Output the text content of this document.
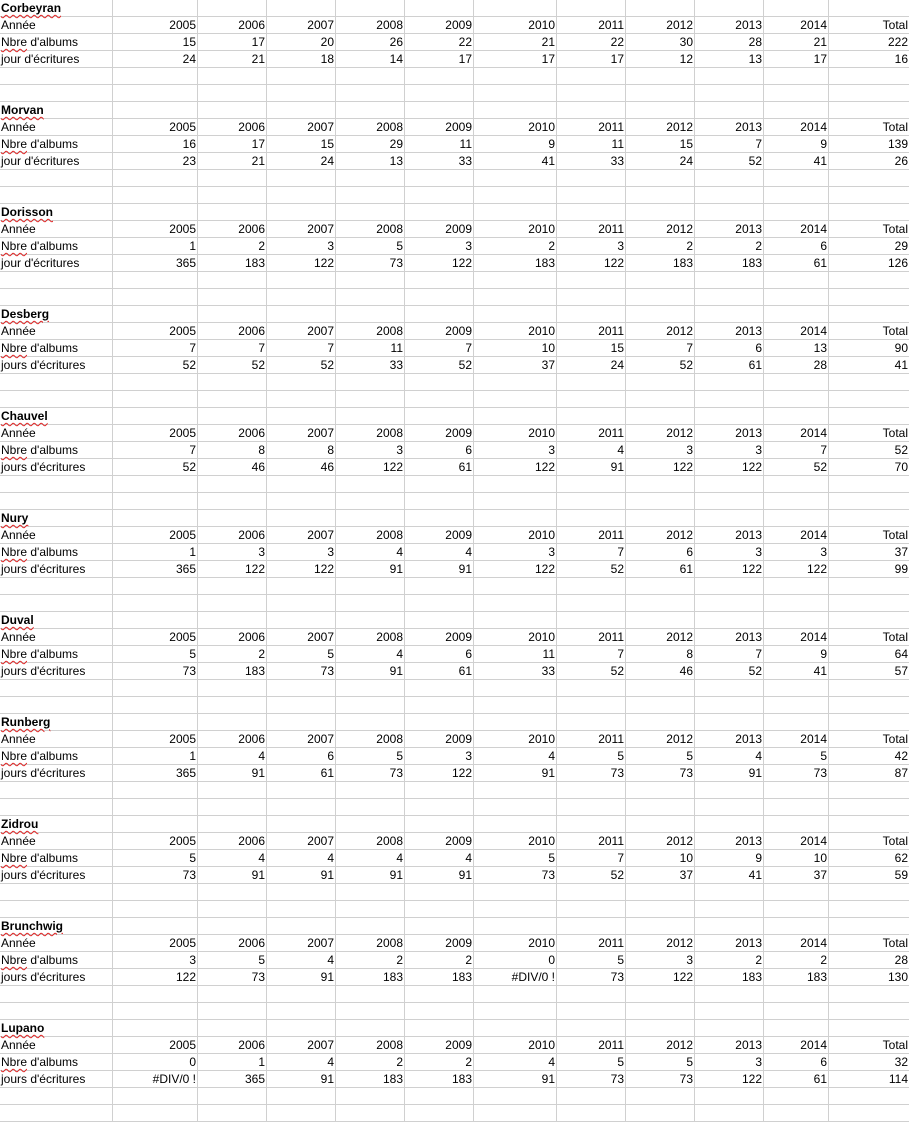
Corbeyran
Année	2005	2006	2007	2008	2009	2010	2011	2012	2013	2014	Total
Nbre d'albums	15	17	20	26	22	21	22	30	28	21	222
jour d'écritures	24	21	18	14	17	17	17	12	13	17	16
Morvan
Année	2005	2006	2007	2008	2009	2010	2011	2012	2013	2014	Total
Nbre d'albums	16	17	15	29	11	9	11	15	7	9	139
jour d'écritures	23	21	24	13	33	41	33	24	52	41	26
Dorisson
Année	2005	2006	2007	2008	2009	2010	2011	2012	2013	2014	Total
Nbre d'albums	1	2	3	5	3	2	3	2	2	6	29
jour d'écritures	365	183	122	73	122	183	122	183	183	61	126
Desberg
Année	2005	2006	2007	2008	2009	2010	2011	2012	2013	2014	Total
Nbre d'albums	7	7	7	11	7	10	15	7	6	13	90
jours d'écritures	52	52	52	33	52	37	24	52	61	28	41
Chauvel
Année	2005	2006	2007	2008	2009	2010	2011	2012	2013	2014	Total
Nbre d'albums	7	8	8	3	6	3	4	3	3	7	52
jours d'écritures	52	46	46	122	61	122	91	122	122	52	70
Nury
Année	2005	2006	2007	2008	2009	2010	2011	2012	2013	2014	Total
Nbre d'albums	1	3	3	4	4	3	7	6	3	3	37
jours d'écritures	365	122	122	91	91	122	52	61	122	122	99
Duval
Année	2005	2006	2007	2008	2009	2010	2011	2012	2013	2014	Total
Nbre d'albums	5	2	5	4	6	11	7	8	7	9	64
jours d'écritures	73	183	73	91	61	33	52	46	52	41	57
Runberg
Année	2005	2006	2007	2008	2009	2010	2011	2012	2013	2014	Total
Nbre d'albums	1	4	6	5	3	4	5	5	4	5	42
jours d'écritures	365	91	61	73	122	91	73	73	91	73	87
Zidrou
Année	2005	2006	2007	2008	2009	2010	2011	2012	2013	2014	Total
Nbre d'albums	5	4	4	4	4	5	7	10	9	10	62
jours d'écritures	73	91	91	91	91	73	52	37	41	37	59
Brunchwig
Année	2005	2006	2007	2008	2009	2010	2011	2012	2013	2014	Total
Nbre d'albums	3	5	4	2	2	0	5	3	2	2	28
jours d'écritures	122	73	91	183	183	#DIV/0 !	73	122	183	183	130
Lupano
Année	2005	2006	2007	2008	2009	2010	2011	2012	2013	2014	Total
Nbre d'albums	0	1	4	2	2	4	5	5	3	6	32
jours d'écritures	#DIV/0 !	365	91	183	183	91	73	73	122	61	114
